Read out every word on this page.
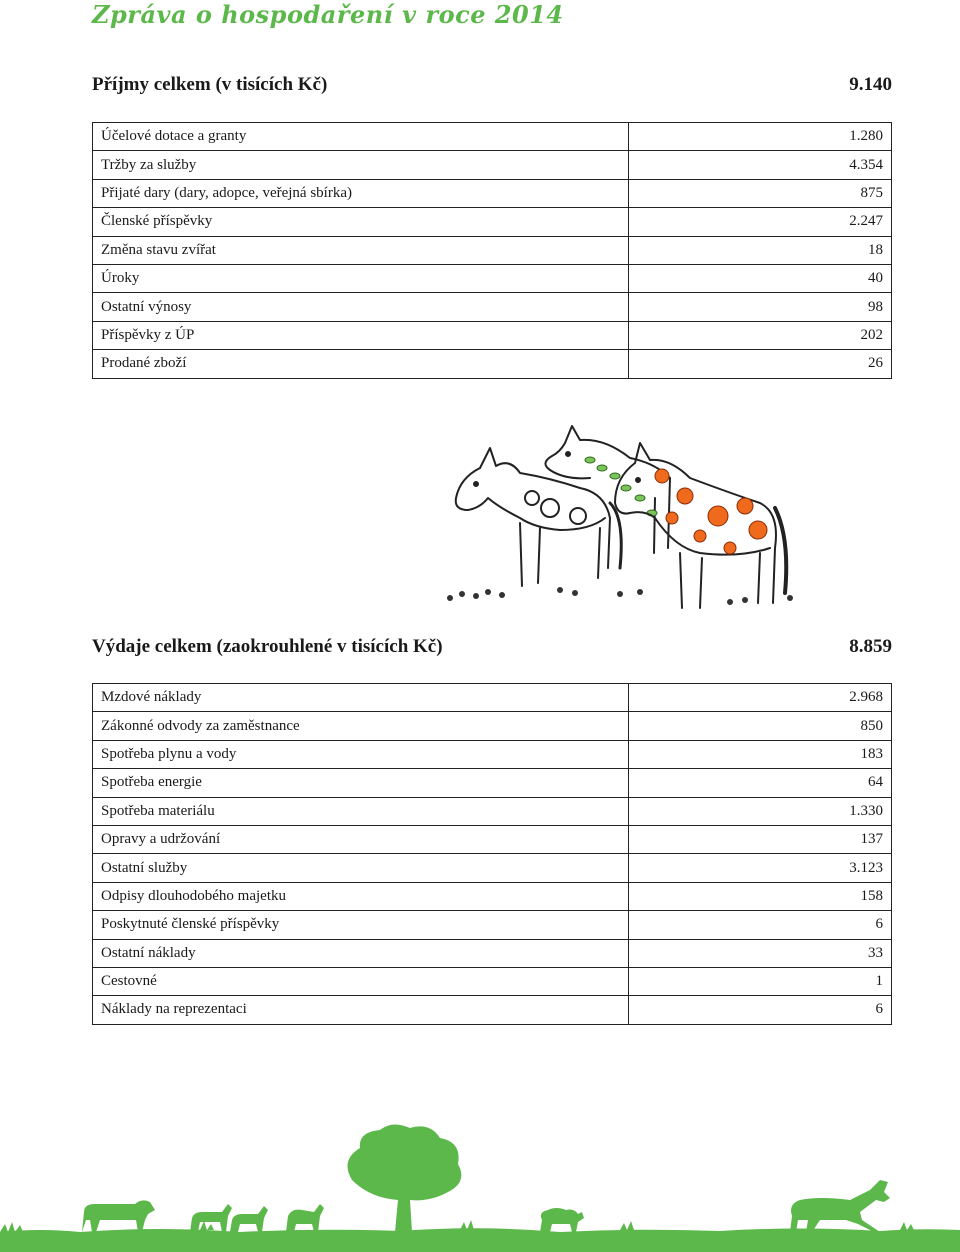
Zpráva o hospodaření v roce 2014
Příjmy celkem (v tisících Kč)	9.140
Účelové dotace a granty	1.280
Tržby za služby	4.354
Přijaté dary (dary, adopce, veřejná sbírka)	875
Členské příspěvky	2.247
Změna stavu zvířat	18
Úroky	40
Ostatní výnosy	98
Příspěvky z ÚP	202
Prodané zboží	26
Výdaje celkem (zaokrouhlené v tisících Kč)	8.859
Mzdové náklady	2.968
Zákonné odvody za zaměstnance	850
Spotřeba plynu a vody	183
Spotřeba energie	64
Spotřeba materiálu	1.330
Opravy a udržování	137
Ostatní služby	3.123
Odpisy dlouhodobého majetku	158
Poskytnuté členské příspěvky	6
Ostatní náklady	33
Cestovné	1
Náklady na reprezentaci	6
